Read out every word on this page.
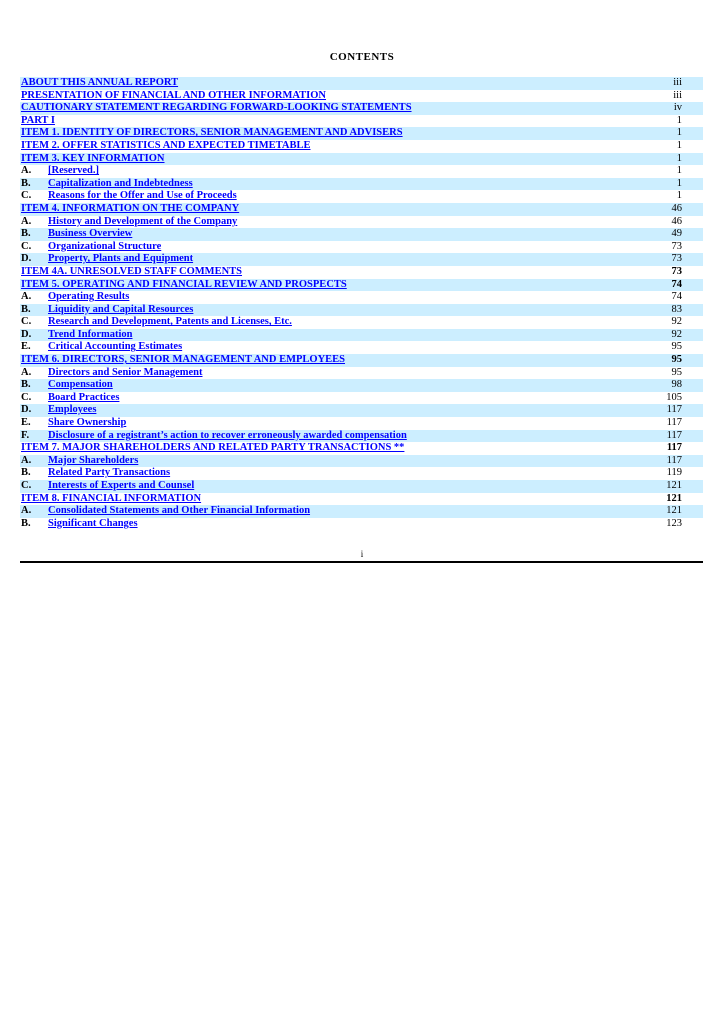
CONTENTS
ABOUT THIS ANNUAL REPORT	iii
PRESENTATION OF FINANCIAL AND OTHER INFORMATION	iii
CAUTIONARY STATEMENT REGARDING FORWARD-LOOKING STATEMENTS	iv
PART I	1
ITEM 1. IDENTITY OF DIRECTORS, SENIOR MANAGEMENT AND ADVISERS	1
ITEM 2. OFFER STATISTICS AND EXPECTED TIMETABLE	1
ITEM 3. KEY INFORMATION	1
A. [Reserved.]	1
B. Capitalization and Indebtedness	1
C. Reasons for the Offer and Use of Proceeds	1
ITEM 4. INFORMATION ON THE COMPANY	46
A. History and Development of the Company	46
B. Business Overview	49
C. Organizational Structure	73
D. Property, Plants and Equipment	73
ITEM 4A. UNRESOLVED STAFF COMMENTS	73
ITEM 5. OPERATING AND FINANCIAL REVIEW AND PROSPECTS	74
A. Operating Results	74
B. Liquidity and Capital Resources	83
C. Research and Development, Patents and Licenses, Etc.	92
D. Trend Information	92
E. Critical Accounting Estimates	95
ITEM 6. DIRECTORS, SENIOR MANAGEMENT AND EMPLOYEES	95
A. Directors and Senior Management	95
B. Compensation	98
C. Board Practices	105
D. Employees	117
E. Share Ownership	117
F. Disclosure of a registrant’s action to recover erroneously awarded compensation	117
ITEM 7. MAJOR SHAREHOLDERS AND RELATED PARTY TRANSACTIONS **	117
A. Major Shareholders	117
B. Related Party Transactions	119
C. Interests of Experts and Counsel	121
ITEM 8. FINANCIAL INFORMATION	121
A. Consolidated Statements and Other Financial Information	121
B. Significant Changes	123
i
